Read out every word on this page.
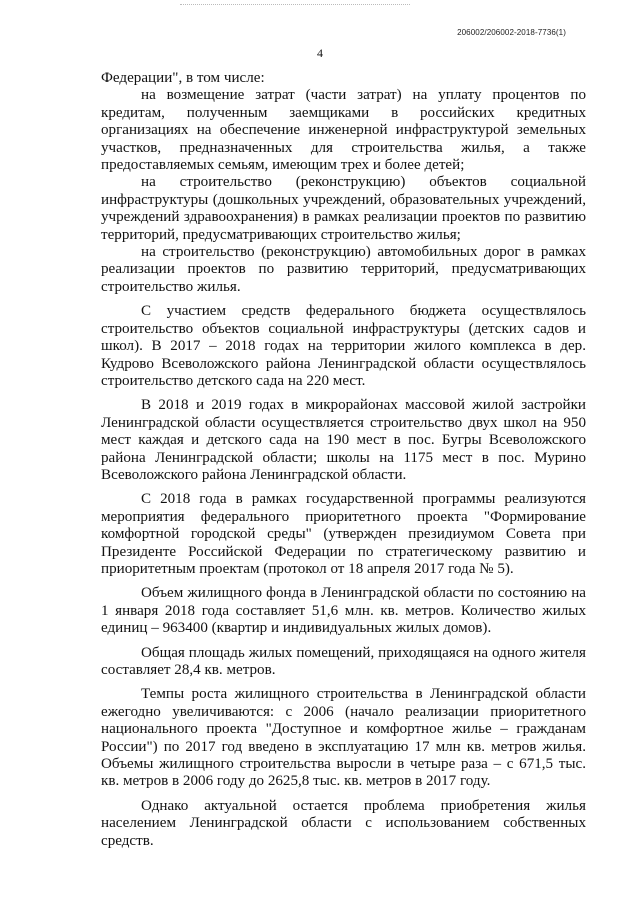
206002/206002-2018-7736(1)
4

Федерации", в том числе:

на возмещение затрат (части затрат) на уплату процентов по кредитам, полученным заемщиками в российских кредитных организациях на обеспечение инженерной инфраструктурой земельных участков, предназначенных для строительства жилья, а также предоставляемых семьям, имеющим трех и более детей;

на строительство (реконструкцию) объектов социальной инфраструктуры (дошкольных учреждений, образовательных учреждений, учреждений здравоохранения) в рамках реализации проектов по развитию территорий, предусматривающих строительство жилья;

на строительство (реконструкцию) автомобильных дорог в рамках реализации проектов по развитию территорий, предусматривающих строительство жилья.

С участием средств федерального бюджета осуществлялось строительство объектов социальной инфраструктуры (детских садов и школ). В 2017 – 2018 годах на территории жилого комплекса в дер. Кудрово Всеволожского района Ленинградской области осуществлялось строительство детского сада на 220 мест.

В 2018 и 2019 годах в микрорайонах массовой жилой застройки Ленинградской области осуществляется строительство двух школ на 950 мест каждая и детского сада на 190 мест в пос. Бугры Всеволожского района Ленинградской области; школы на 1175 мест в пос. Мурино Всеволожского района Ленинградской области.

С 2018 года в рамках государственной программы реализуются мероприятия федерального приоритетного проекта "Формирование комфортной городской среды" (утвержден президиумом Совета при Президенте Российской Федерации по стратегическому развитию и приоритетным проектам (протокол от 18 апреля 2017 года № 5).

Объем жилищного фонда в Ленинградской области по состоянию на 1 января 2018 года составляет 51,6 млн. кв. метров. Количество жилых единиц – 963400 (квартир и индивидуальных жилых домов).

Общая площадь жилых помещений, приходящаяся на одного жителя составляет 28,4 кв. метров.

Темпы роста жилищного строительства в Ленинградской области ежегодно увеличиваются: с 2006 (начало реализации приоритетного национального проекта "Доступное и комфортное жилье – гражданам России") по 2017 год введено в эксплуатацию 17 млн кв. метров жилья. Объемы жилищного строительства выросли в четыре раза – с 671,5 тыс. кв. метров в 2006 году до 2625,8 тыс. кв. метров в 2017 году.

Однако актуальной остается проблема приобретения жилья населением Ленинградской области с использованием собственных средств.
